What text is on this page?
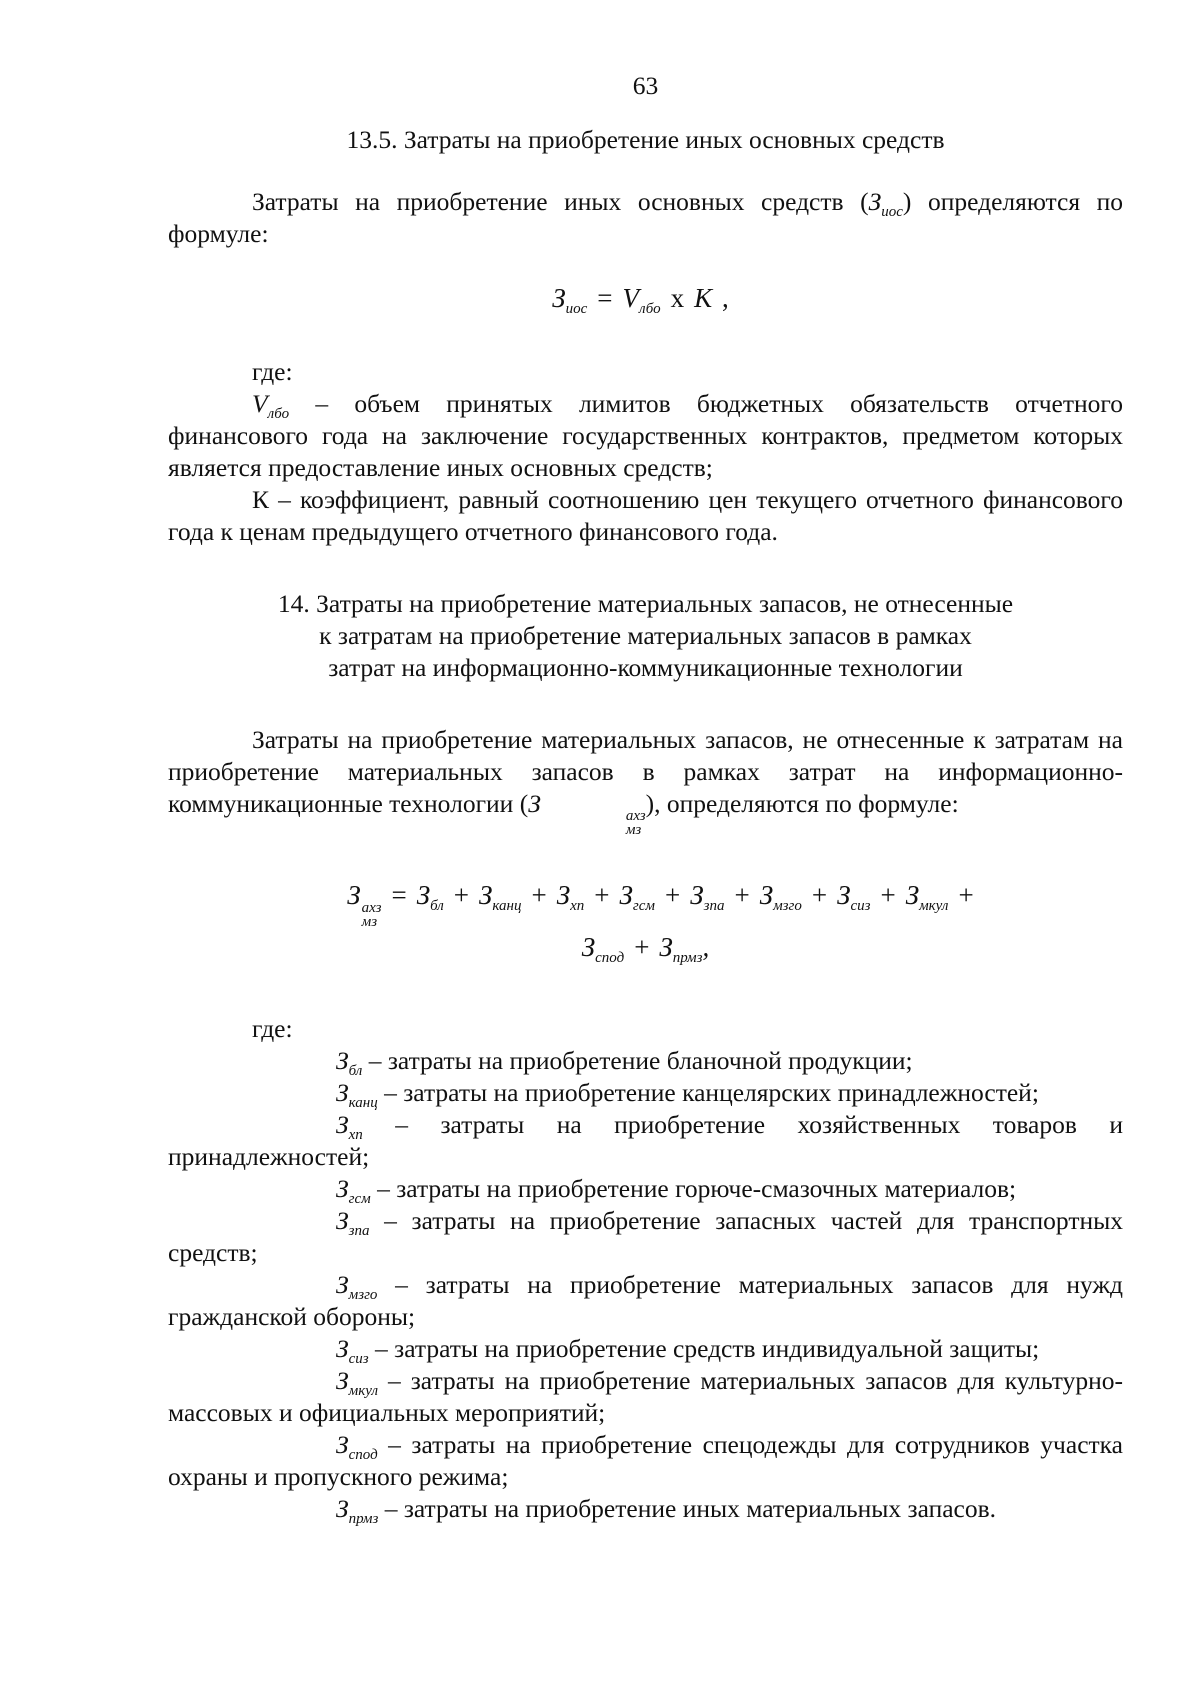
63

13.5. Затраты на приобретение иных основных средств

Затраты на приобретение иных основных средств $(З_{иос})$ определяются по формуле:

$З_{иос} = V_{лбо}$ х К ,

где:

$V_{лбо}$ – объем принятых лимитов бюджетных обязательств отчетного финансового года на заключение государственных контрактов, предметом которых является предоставление иных основных средств;

К – коэффициент, равный соотношению цен текущего отчетного финансового года к ценам предыдущего отчетного финансового года.

14. Затраты на приобретение материальных запасов, не отнесенные

к затратам на приобретение материальных запасов в рамках

затрат на информационно-коммуникационные технологии

Затраты на приобретение материальных запасов, не отнесенные к затратам на приобретение материальных запасов в рамках затрат на информационно-коммуникационные технологии (З	ахз
мз
), определяются по формуле:

З ахз
мз
= $З_{бл} + З_{канц} + З_{хп} + З_{гсм} + З_{зпа} + З_{мзго} + З_{сиз} + З_{мкул}$ +

$З_{спод} + З_{прмз}$,

где:

$З_{бл}$ – затраты на приобретение бланочной продукции;

$З_{канц}$ – затраты на приобретение канцелярских принадлежностей;

$З_{хп}$ – затраты на приобретение хозяйственных товаров и принадлежностей;

$З_{гсм}$ – затраты на приобретение горюче-смазочных материалов;

$З_{зпа}$ – затраты на приобретение запасных частей для транспортных средств;

$З_{мзго}$ – затраты на приобретение материальных запасов для нужд гражданской обороны;

$З_{сиз}$ – затраты на приобретение средств индивидуальной защиты;

$З_{мкул}$ – затраты на приобретение материальных запасов для культурно-массовых и официальных мероприятий;

$З_{спод}$ – затраты на приобретение спецодежды для сотрудников участка охраны и пропускного режима;

$З_{прмз}$ – затраты на приобретение иных материальных запасов.
